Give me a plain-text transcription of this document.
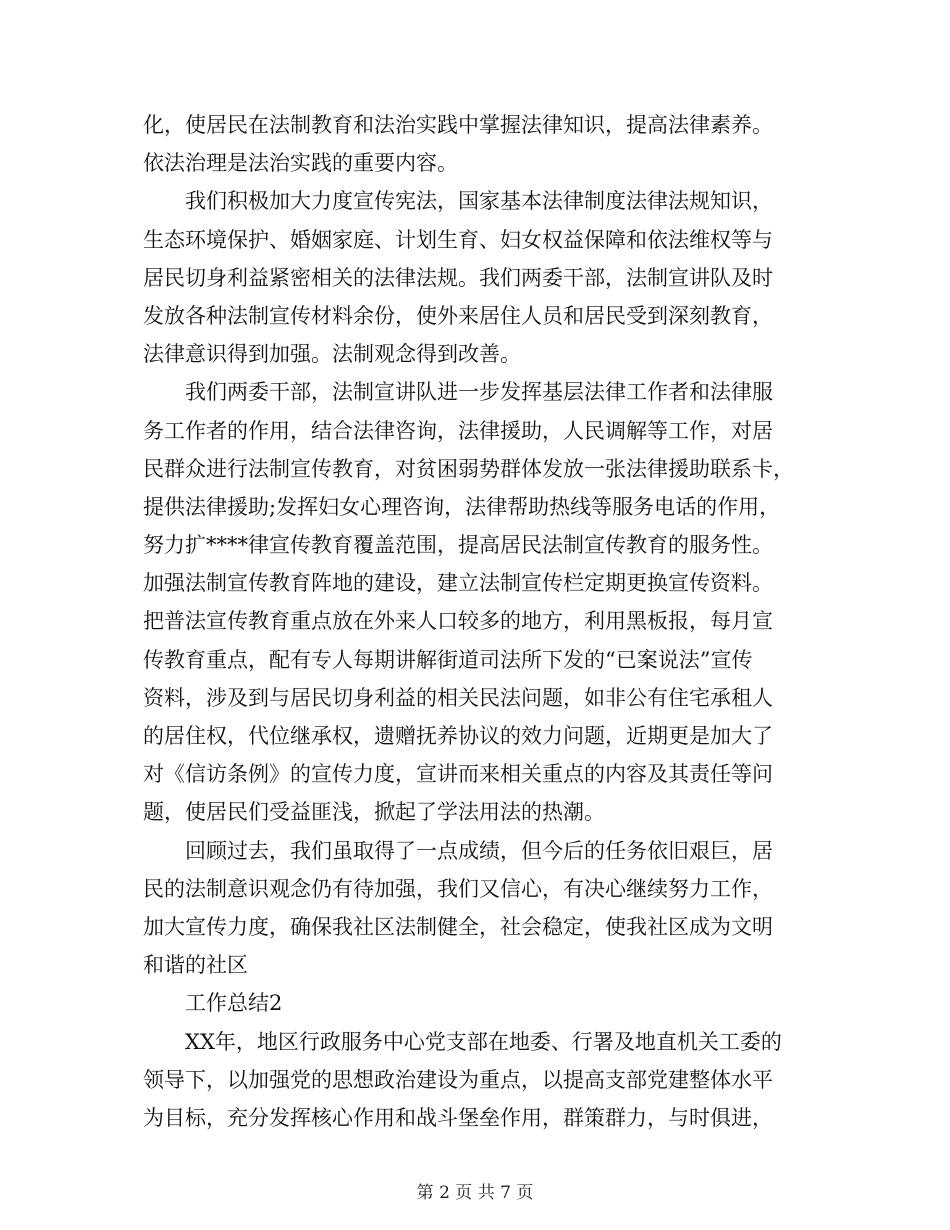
化，使居民在法制教育和法治实践中掌握法律知识，提高法律素养。
依法治理是法治实践的重要内容。
我们积极加大力度宣传宪法，国家基本法律制度法律法规知识，
生态环境保护、婚姻家庭、计划生育、妇女权益保障和依法维权等与
居民切身利益紧密相关的法律法规。我们两委干部，法制宣讲队及时
发放各种法制宣传材料余份，使外来居住人员和居民受到深刻教育，
法律意识得到加强。法制观念得到改善。
我们两委干部，法制宣讲队进一步发挥基层法律工作者和法律服
务工作者的作用，结合法律咨询，法律援助，人民调解等工作，对居
民群众进行法制宣传教育，对贫困弱势群体发放一张法律援助联系卡，
提供法律援助;发挥妇女心理咨询，法律帮助热线等服务电话的作用，
努力扩****律宣传教育覆盖范围，提高居民法制宣传教育的服务性。
加强法制宣传教育阵地的建设，建立法制宣传栏定期更换宣传资料。
把普法宣传教育重点放在外来人口较多的地方，利用黑板报，每月宣
传教育重点，配有专人每期讲解街道司法所下发的“已案说法”宣传
资料，涉及到与居民切身利益的相关民法问题，如非公有住宅承租人
的居住权，代位继承权，遗赠抚养协议的效力问题，近期更是加大了
对《信访条例》的宣传力度，宣讲而来相关重点的内容及其责任等问
题，使居民们受益匪浅，掀起了学法用法的热潮。
回顾过去，我们虽取得了一点成绩，但今后的任务依旧艰巨，居
民的法制意识观念仍有待加强，我们又信心，有决心继续努力工作，
加大宣传力度，确保我社区法制健全，社会稳定，使我社区成为文明
和谐的社区
工作总结2
XX年，地区行政服务中心党支部在地委、行署及地直机关工委的
领导下，以加强党的思想政治建设为重点，以提高支部党建整体水平
为目标，充分发挥核心作用和战斗堡垒作用，群策群力，与时俱进，
第 2 页 共 7 页
